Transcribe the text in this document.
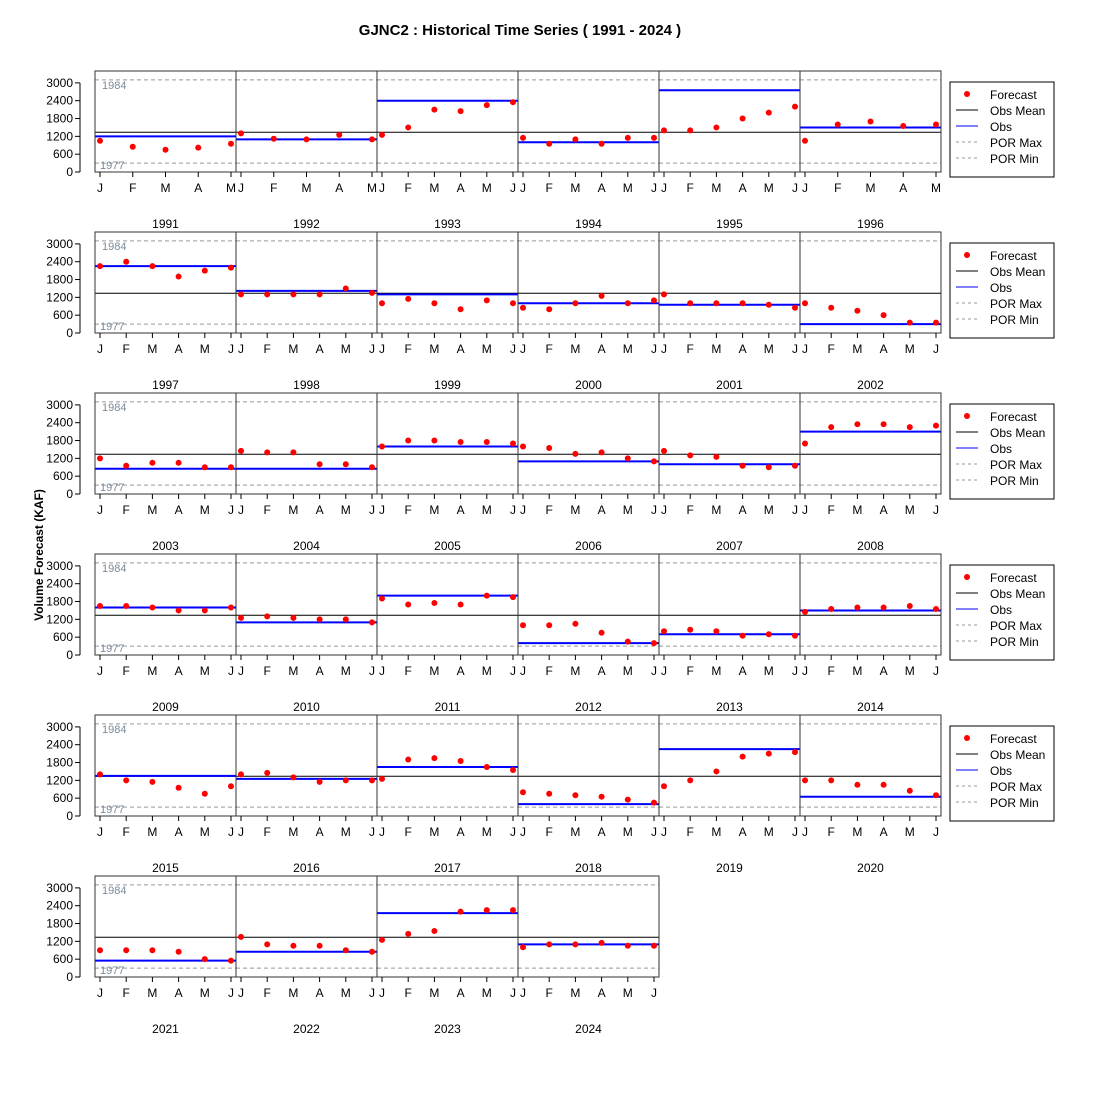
GJNC2 : Historical Time Series ( 1991 - 2024 )
Volume Forecast (KAF)
J F M A M
1991
0
600
1200
1800
2400
3000	1984
1977
J F M A M
1992
J F M A M J
1993
J F M A M J
1994
J F M A M J
1995
J F M A M
1996
J F M A M J
1997
0
600
1200
1800
2400
3000	1984
1977
J F M A M J
1998
J F M A M J
1999
J F M A M J
2000
J F M A M J
2001
J F M A M J
2002
J F M A M J
2003
0
600
1200
1800
2400
3000	1984
1977
J F M A M J
2004
J F M A M J
2005
J F M A M J
2006
J F M A M J
2007
J F M A M J
2008
J F M A M J
2009
0
600
1200
1800
2400
3000	1984
1977
J F M A M J
2010
J F M A M J
2011
J F M A M J
2012
J F M A M J
2013
J F M A M J
2014
J F M A M J
2015
0
600
1200
1800
2400
3000	1984
1977
J F M A M J
2016
J F M A M J
2017
J F M A M J
2018
J F M A M J
2019
J F M A M J
2020
J F M A M J
2021
0
600
1200
1800
2400
3000	1984
1977
J F M A M J
2022
J F M A M J
2023
J F M A M J
2024
Forecast
Obs Mean
Obs
POR Max
POR Min
Forecast
Obs Mean
Obs
POR Max
POR Min
Forecast
Obs Mean
Obs
POR Max
POR Min
Forecast
Obs Mean
Obs
POR Max
POR Min
Forecast
Obs Mean
Obs
POR Max
POR Min
